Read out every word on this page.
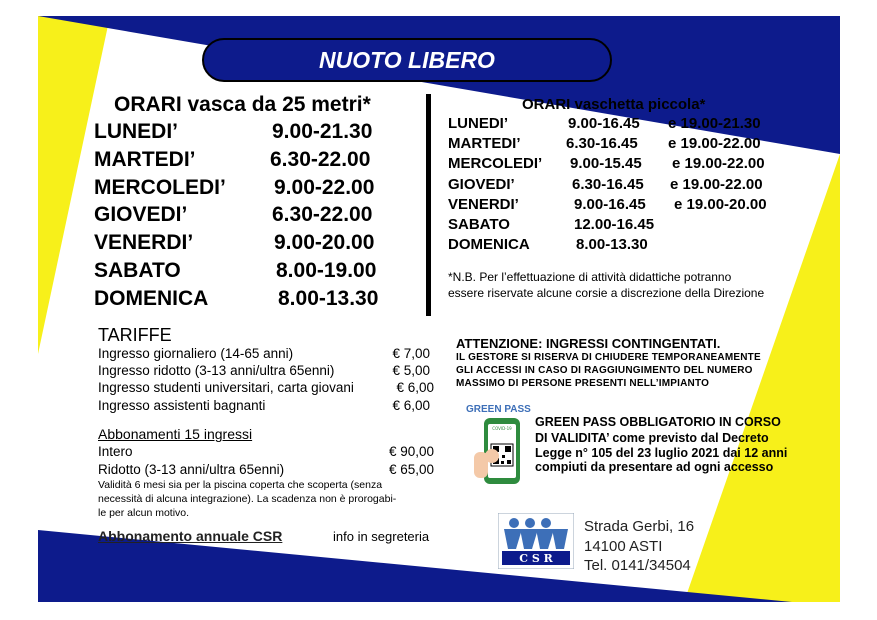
NUOTO LIBERO
ORARI vasca da 25 metri*
LUNEDI’	9.00-21.30
MARTEDI’	6.30-22.00
MERCOLEDI’ 9.00-22.00
GIOVEDI’	6.30-22.00
VENERDI’	9.00-20.00
SABATO	8.00-19.00
DOMENICA	8.00-13.30
ORARI vaschetta piccola*
LUNEDI’	9.00-16.45 e 19.00-21.30
MARTEDI’	6.30-16.45 e 19.00-22.00
MERCOLEDI’ 9.00-15.45 e 19.00-22.00
GIOVEDI’	6.30-16.45 e 19.00-22.00
VENERDI’	9.00-16.45 e 19.00-20.00
SABATO	12.00-16.45
DOMENICA	8.00-13.30
*N.B. Per l’effettuazione di attività didattiche potranno
essere riservate alcune corsie a discrezione della Direzione
TARIFFE
Ingresso giornaliero (14-65 anni)	€ 7,00
Ingresso ridotto (3-13 anni/ultra 65enni)	€ 5,00
Ingresso studenti universitari, carta giovani	€ 6,00
Ingresso assistenti bagnanti	€ 6,00
Abbonamenti 15 ingressi
Intero	€ 90,00
Ridotto (3-13 anni/ultra 65enni)	€ 65,00
Validità 6 mesi sia per la piscina coperta che scoperta (senza
necessità di alcuna integrazione). La scadenza non è prorogabi-
le per alcun motivo.
Abbonamento annuale CSR	info in segreteria
ATTENZIONE: INGRESSI CONTINGENTATI.
IL GESTORE SI RISERVA DI CHIUDERE TEMPORANEAMENTE
GLI ACCESSI IN CASO DI RAGGIUNGIMENTO DEL NUMERO
MASSIMO DI PERSONE PRESENTI NELL’IMPIANTO
GREEN PASS
COVID-19 GREEN PASS OBBLIGATORIO IN CORSO
DI VALIDITA’ come previsto dal Decreto
Legge n° 105 del 23 luglio 2021 dai 12 anni
compiuti da presentare ad ogni accesso
C S R
Strada Gerbi, 16
14100 ASTI
Tel. 0141/34504
